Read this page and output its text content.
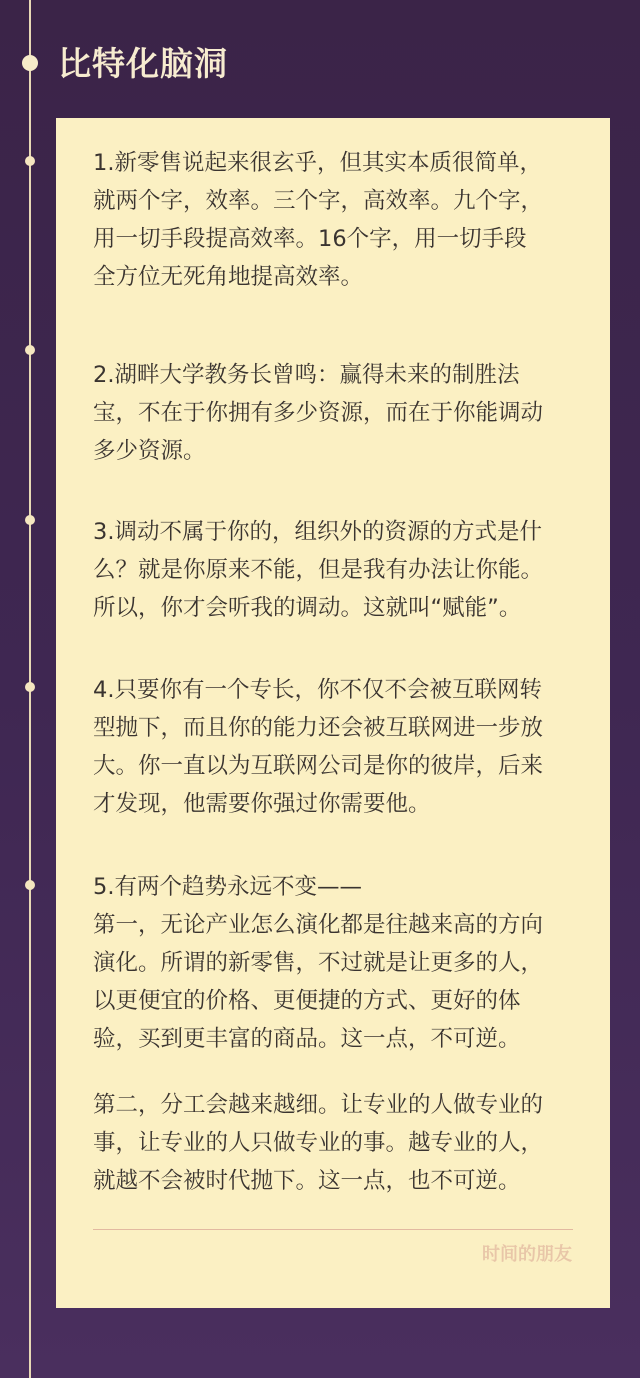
比特化脑洞

1.新零售说起来很玄乎，但其实本质很简单，
就两个字，效率。三个字，高效率。九个字，
用一切手段提高效率。16个字，用一切手段
全方位无死角地提高效率。

2.湖畔大学教务长曾鸣：赢得未来的制胜法
宝，不在于你拥有多少资源，而在于你能调动
多少资源。

3.调动不属于你的，组织外的资源的方式是什
么？就是你原来不能，但是我有办法让你能。
所以，你才会听我的调动。这就叫“赋能”。

4.只要你有一个专长，你不仅不会被互联网转
型抛下，而且你的能力还会被互联网进一步放
大。你一直以为互联网公司是你的彼岸，后来
才发现，他需要你强过你需要他。

5.有两个趋势永远不变——
第一，无论产业怎么演化都是往越来高的方向
演化。所谓的新零售，不过就是让更多的人，
以更便宜的价格、更便捷的方式、更好的体
验，买到更丰富的商品。这一点，不可逆。

第二，分工会越来越细。让专业的人做专业的
事，让专业的人只做专业的事。越专业的人，
就越不会被时代抛下。这一点，也不可逆。

时间的朋友
